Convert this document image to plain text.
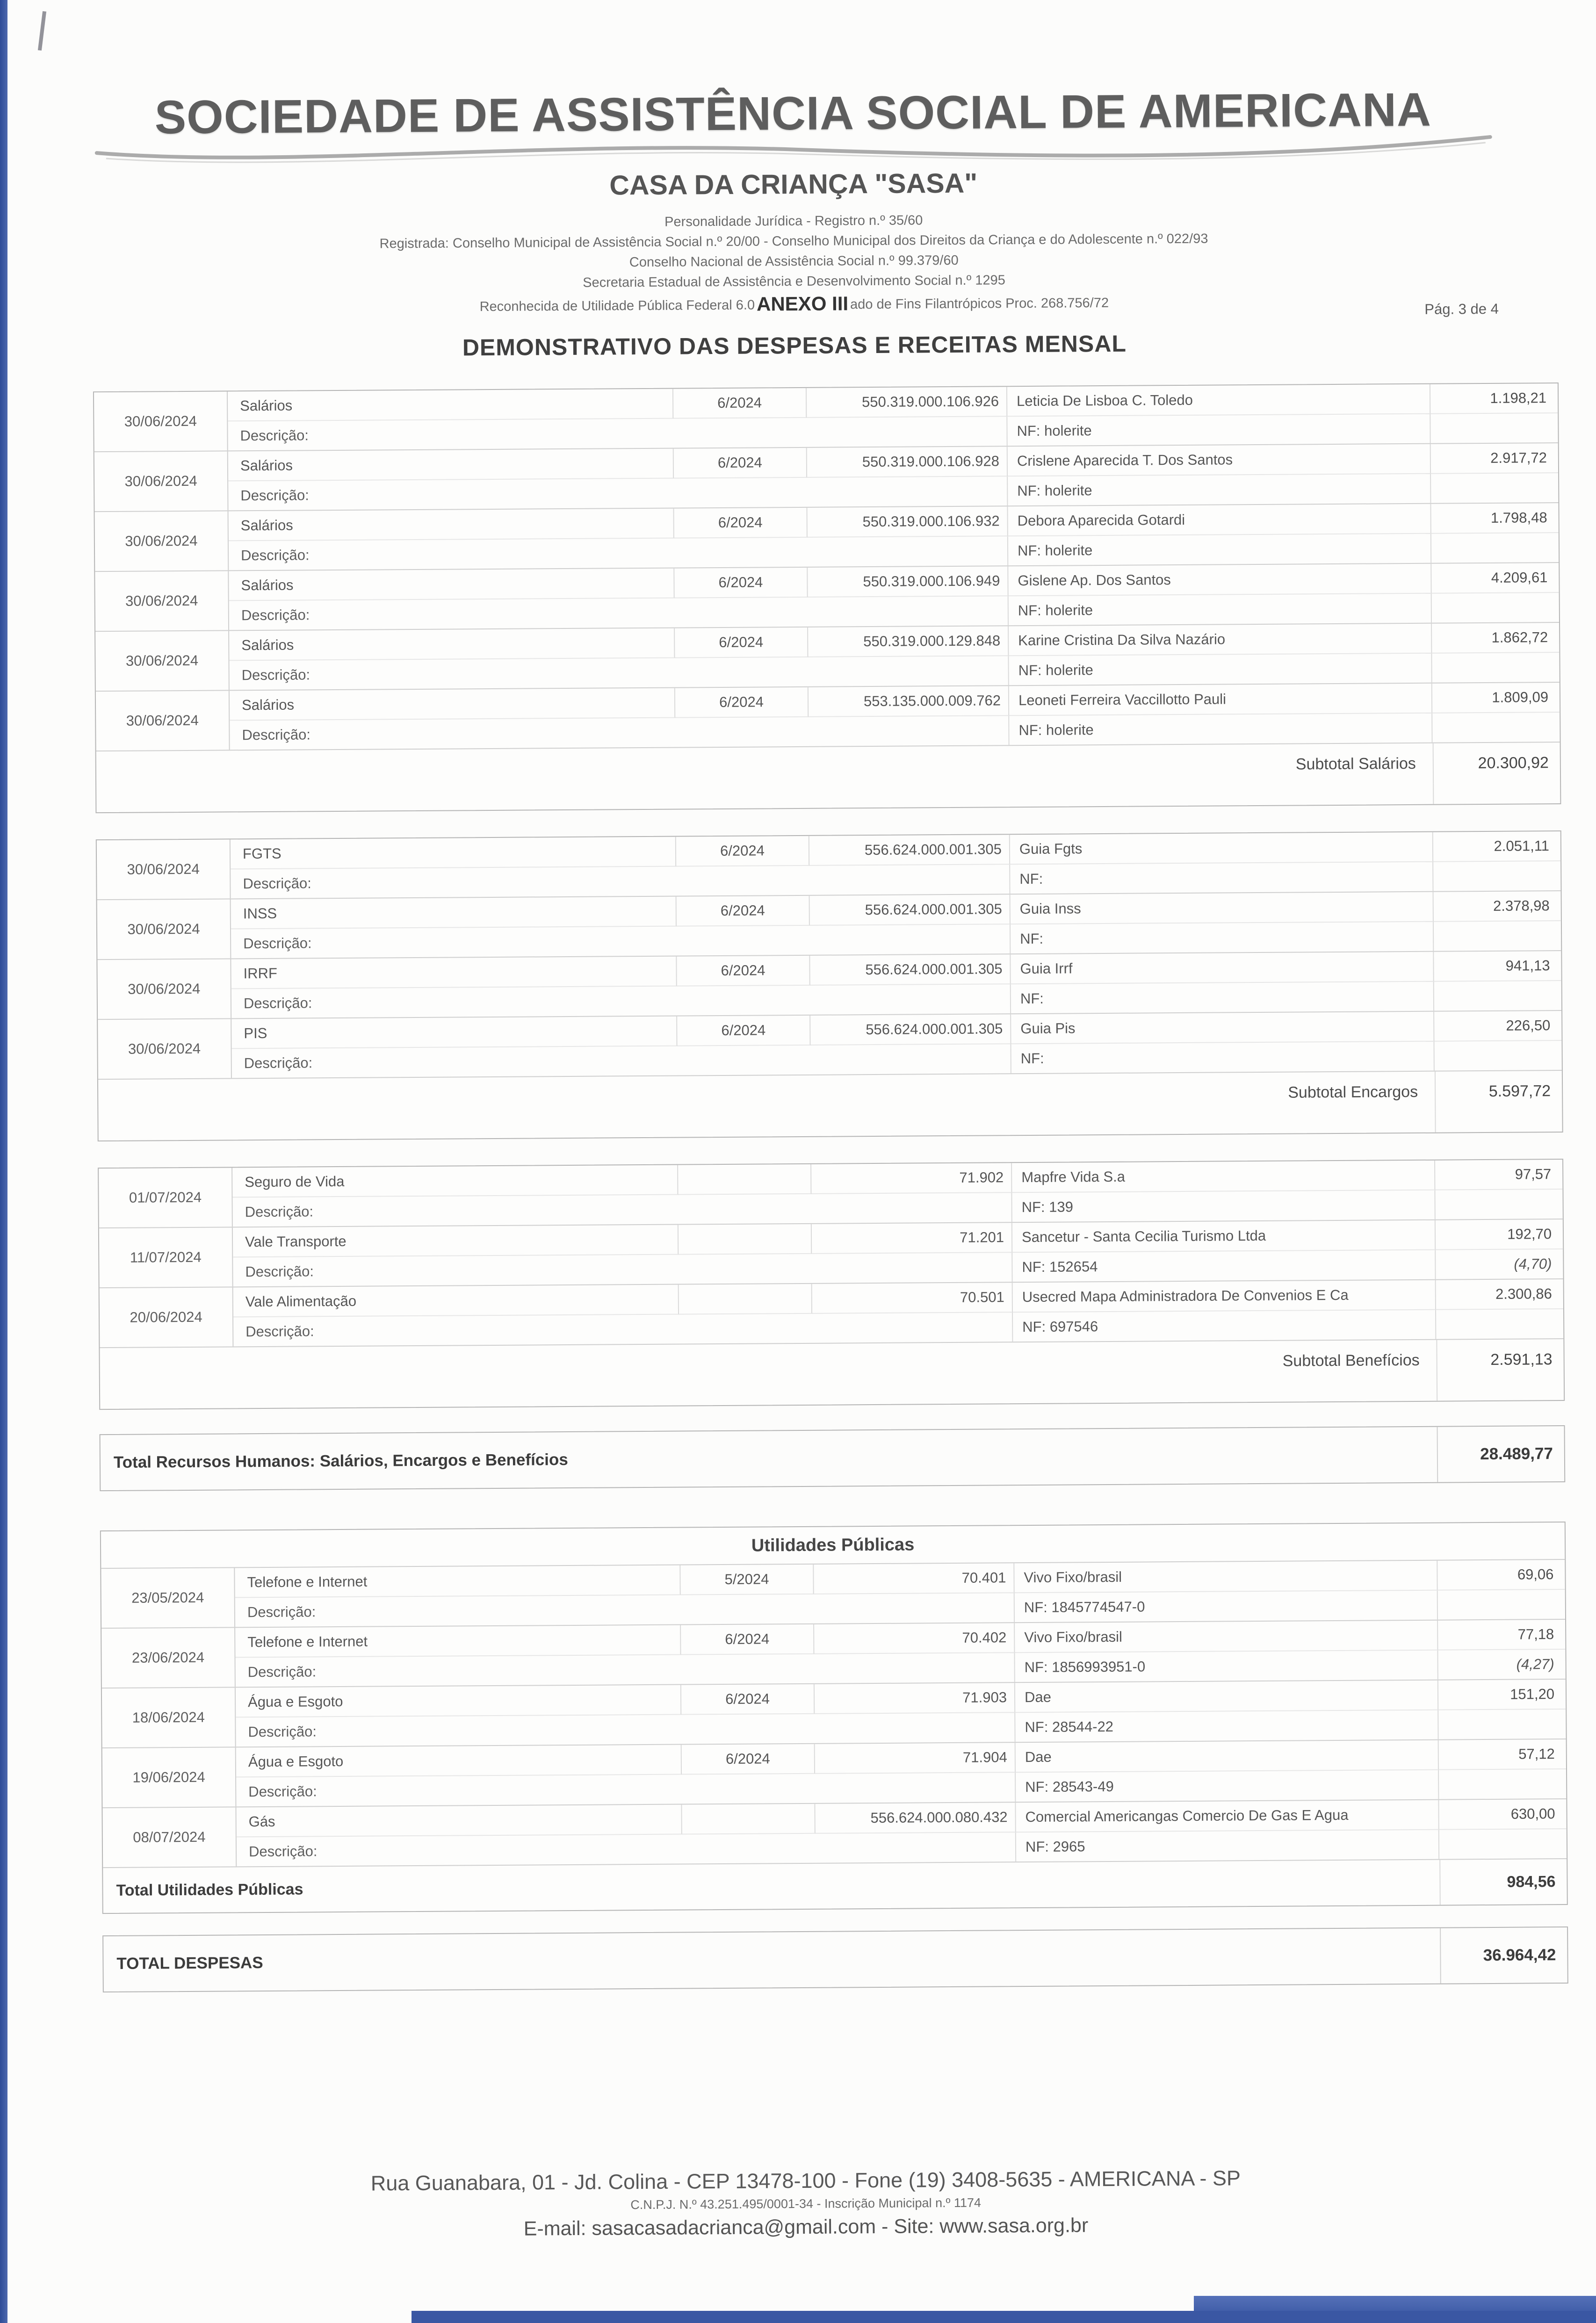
SOCIEDADE DE ASSISTÊNCIA SOCIAL DE AMERICANA
CASA DA CRIANÇA "SASA"
Personalidade Jurídica - Registro n.º 35/60
Registrada: Conselho Municipal de Assistência Social n.º 20/00 - Conselho Municipal dos Direitos da Criança e do Adolescente n.º 022/93
Conselho Nacional de Assistência Social n.º 99.379/60
Secretaria Estadual de Assistência e Desenvolvimento Social n.º 1295
Reconhecida de Utilidade Pública Federal 6.0ANEXO III ado de Fins Filantrópicos Proc. 268.756/72
DEMONSTRATIVO DAS DESPESAS E RECEITAS MENSAL
Pág. 3 de 4
30/06/2024
Salários	6/2024	550.319.000.106.926	Leticia De Lisboa C. Toledo	1.198,21
Descrição:	NF: holerite
30/06/2024
Salários	6/2024	550.319.000.106.928	Crislene Aparecida T. Dos Santos	2.917,72
Descrição:	NF: holerite
30/06/2024
Salários	6/2024	550.319.000.106.932	Debora Aparecida Gotardi	1.798,48
Descrição:	NF: holerite
30/06/2024
Salários	6/2024	550.319.000.106.949	Gislene Ap. Dos Santos	4.209,61
Descrição:	NF: holerite
30/06/2024
Salários	6/2024	550.319.000.129.848	Karine Cristina Da Silva Nazário	1.862,72
Descrição:	NF: holerite
30/06/2024
Salários	6/2024	553.135.000.009.762	Leoneti Ferreira Vaccillotto Pauli	1.809,09
Descrição:	NF: holerite
Subtotal Salários	20.300,92
30/06/2024
FGTS	6/2024	556.624.000.001.305	Guia Fgts	2.051,11
Descrição:	NF:
30/06/2024
INSS	6/2024	556.624.000.001.305	Guia Inss	2.378,98
Descrição:	NF:
30/06/2024
IRRF	6/2024	556.624.000.001.305	Guia Irrf	941,13
Descrição:	NF:
30/06/2024
PIS	6/2024	556.624.000.001.305	Guia Pis	226,50
Descrição:	NF:
Subtotal Encargos	5.597,72
01/07/2024
Seguro de Vida	71.902	Mapfre Vida S.a	97,57
Descrição:	NF: 139
11/07/2024
Vale Transporte	71.201	Sancetur - Santa Cecilia Turismo Ltda	192,70
Descrição:	NF: 152654	(4,70)
20/06/2024
Vale Alimentação	70.501	Usecred Mapa Administradora De Convenios E Ca	2.300,86
Descrição:	NF: 697546
Subtotal Benefícios	2.591,13
Total Recursos Humanos: Salários, Encargos e Benefícios	28.489,77
Utilidades Públicas
23/05/2024
Telefone e Internet	5/2024	70.401	Vivo Fixo/brasil	69,06
Descrição:	NF: 1845774547-0
23/06/2024
Telefone e Internet	6/2024	70.402	Vivo Fixo/brasil	77,18
Descrição:	NF: 1856993951-0	(4,27)
18/06/2024
Água e Esgoto	6/2024	71.903	Dae	151,20
Descrição:	NF: 28544-22
19/06/2024
Água e Esgoto	6/2024	71.904	Dae	57,12
Descrição:	NF: 28543-49
08/07/2024
Gás	556.624.000.080.432	Comercial Americangas Comercio De Gas E Agua	630,00
Descrição:	NF: 2965
Total Utilidades Públicas	984,56
TOTAL DESPESAS	36.964,42
Rua Guanabara, 01 - Jd. Colina - CEP 13478-100 - Fone (19) 3408-5635 - AMERICANA - SP
C.N.P.J. N.º 43.251.495/0001-34 - Inscrição Municipal n.º 1174
E-mail: sasacasadacrianca@gmail.com - Site: www.sasa.org.br
